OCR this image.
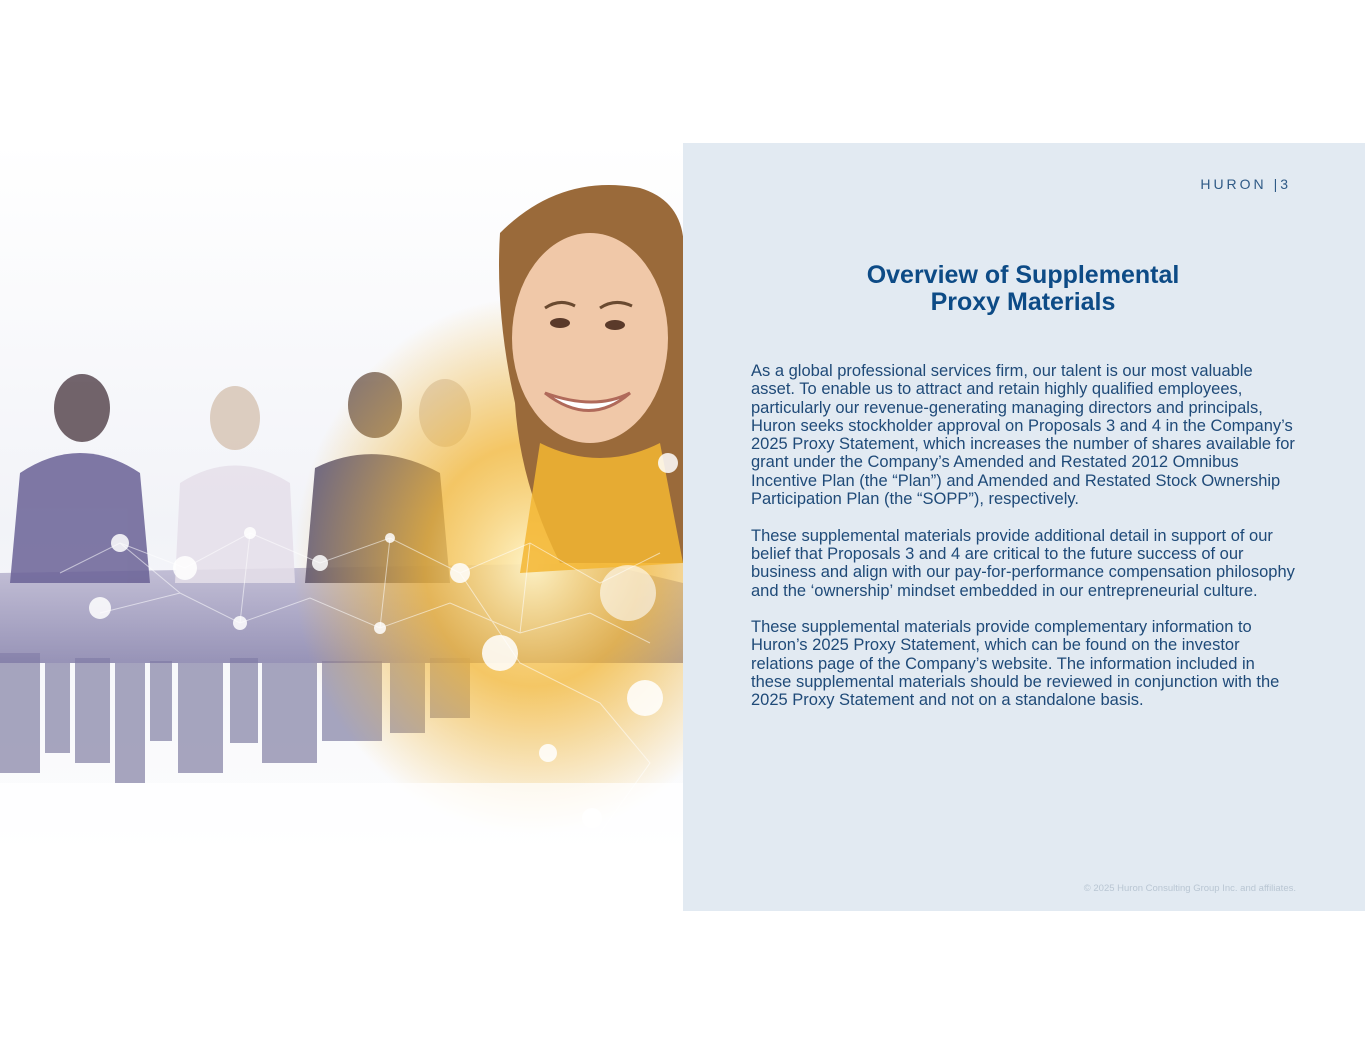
HURON |3
Overview of Supplemental
Proxy Materials

As a global professional services firm, our talent is our most valuable asset. To enable us to attract and retain highly qualified employees, particularly our revenue-generating managing directors and principals, Huron seeks stockholder approval on Proposals 3 and 4 in the Company’s 2025 Proxy Statement, which increases the number of shares available for grant under the Company’s Amended and Restated 2012 Omnibus Incentive Plan (the “Plan”) and Amended and Restated Stock Ownership Participation Plan (the “SOPP”), respectively.

These supplemental materials provide additional detail in support of our belief that Proposals 3 and 4 are critical to the future success of our business and align with our pay-for-performance compensation philosophy and the ‘ownership’ mindset embedded in our entrepreneurial culture.

These supplemental materials provide complementary information to Huron’s 2025 Proxy Statement, which can be found on the investor relations page of the Company’s website. The information included in these supplemental materials should be reviewed in conjunction with the 2025 Proxy Statement and not on a standalone basis.

© 2025 Huron Consulting Group Inc. and affiliates.
